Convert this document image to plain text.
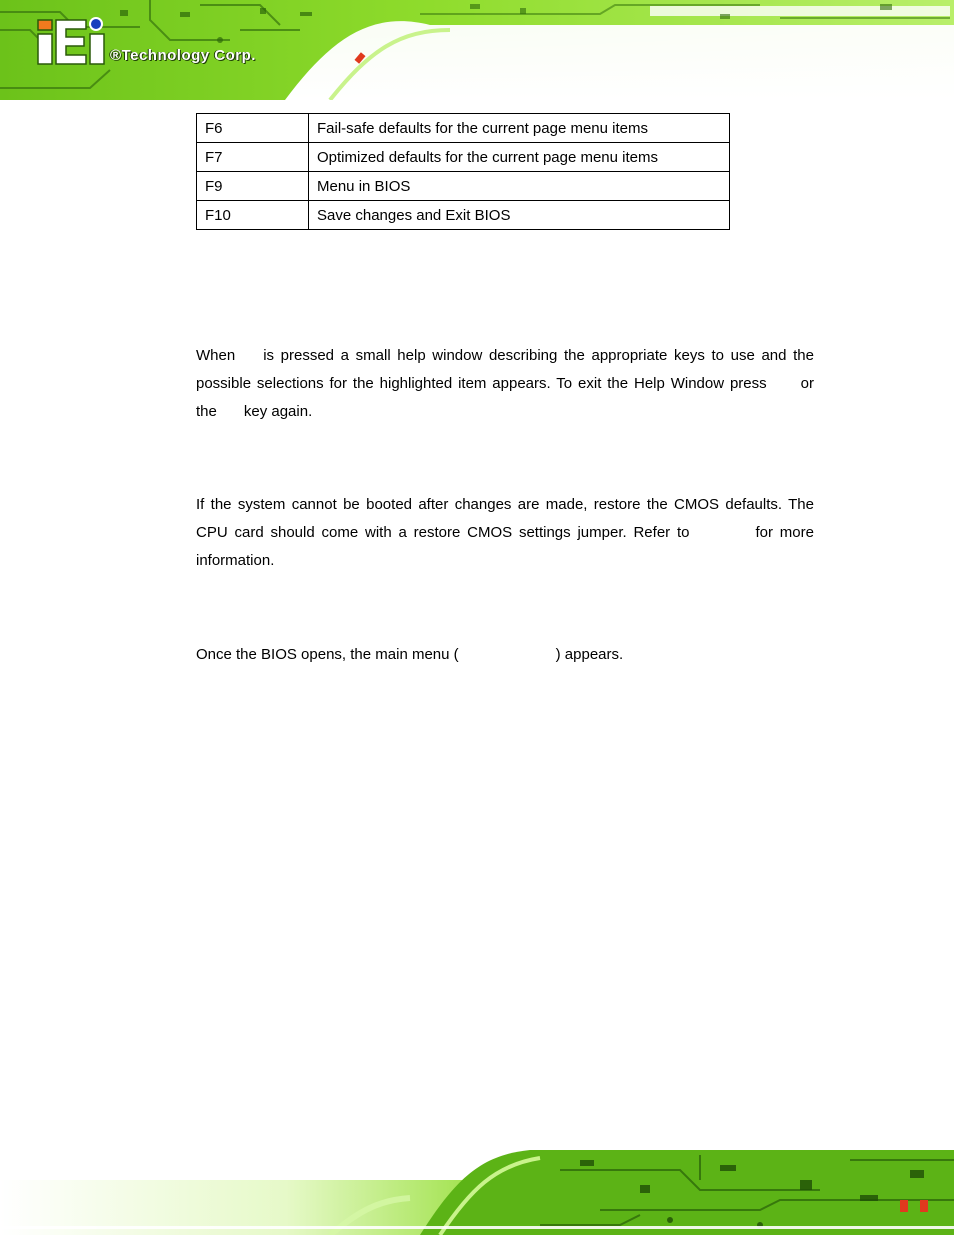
®Technology Corp.
F6	Fail-safe defaults for the current page menu items
F7	Optimized defaults for the current page menu items
F9	Menu in BIOS
F10	Save changes and Exit BIOS
When is pressed a small help window describing the appropriate keys to use and the
possible selections for the highlighted item appears. To exit the Help Window press or
the key again.
If the system cannot be booted after changes are made, restore the CMOS defaults. The
CPU card should come with a restore CMOS settings jumper. Refer to	for more
information.
Once the BIOS opens, the main menu (	) appears.
